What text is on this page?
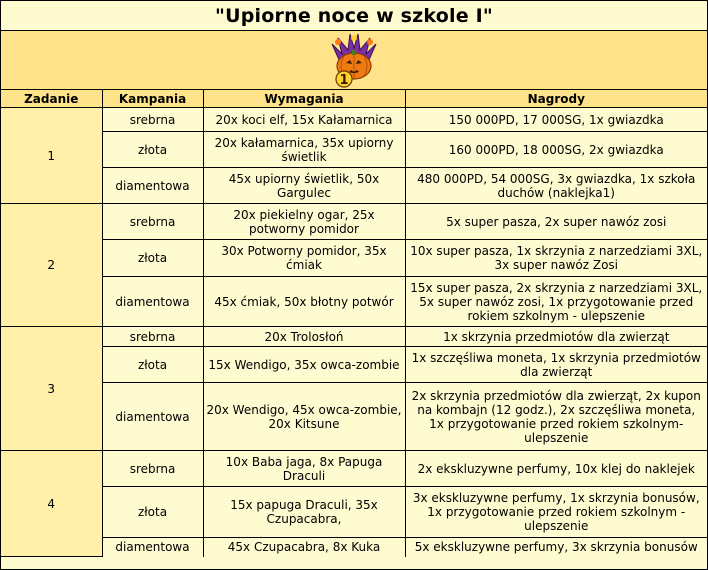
"Upiorne noce w szkole I"
1
Zadanie	Kampania	Wymagania	Nagrody
1	srebrna	20x koci elf, 15x Kałamarnica	150 000PD, 17 000SG, 1x gwiazdka
	złota	20x kałamarnica, 35x upiorny świetlik	160 000PD, 18 000SG, 2x gwiazdka
	diamentowa	45x upiorny świetlik, 50x Gargulec	480 000PD, 54 000SG, 3x gwiazdka, 1x szkoła duchów (naklejka1)
2	srebrna	20x piekielny ogar, 25x potworny pomidor	5x super pasza, 2x super nawóz zosi
	złota	30x Potworny pomidor, 35x ćmiak	10x super pasza, 1x skrzynia z narzedziami 3XL, 3x super nawóz Zosi
	diamentowa	45x ćmiak, 50x błotny potwór	15x super pasza, 2x skrzynia z narzedziami 3XL, 5x super nawóz zosi, 1x przygotowanie przed rokiem szkolnym - ulepszenie
3	srebrna	20x Trolosłoń	1x skrzynia przedmiotów dla zwierząt
	złota	15x Wendigo, 35x owca-zombie	1x szczęśliwa moneta, 1x skrzynia przedmiotów dla zwierząt
	diamentowa	20x Wendigo, 45x owca-zombie, 20x Kitsune	2x skrzynia przedmiotów dla zwierząt, 2x kupon na kombajn (12 godz.), 2x szczęśliwa moneta, 1x przygotowanie przed rokiem szkolnym- ulepszenie
4	srebrna	10x Baba jaga, 8x Papuga Draculi	2x ekskluzywne perfumy, 10x klej do naklejek
	złota	15x papuga Draculi, 35x Czupacabra,	3x ekskluzywne perfumy, 1x skrzynia bonusów, 1x przygotowanie przed rokiem szkolnym - ulepszenie
	diamentowa	45x Czupacabra, 8x Kuka	5x ekskluzywne perfumy, 3x skrzynia bonusów
